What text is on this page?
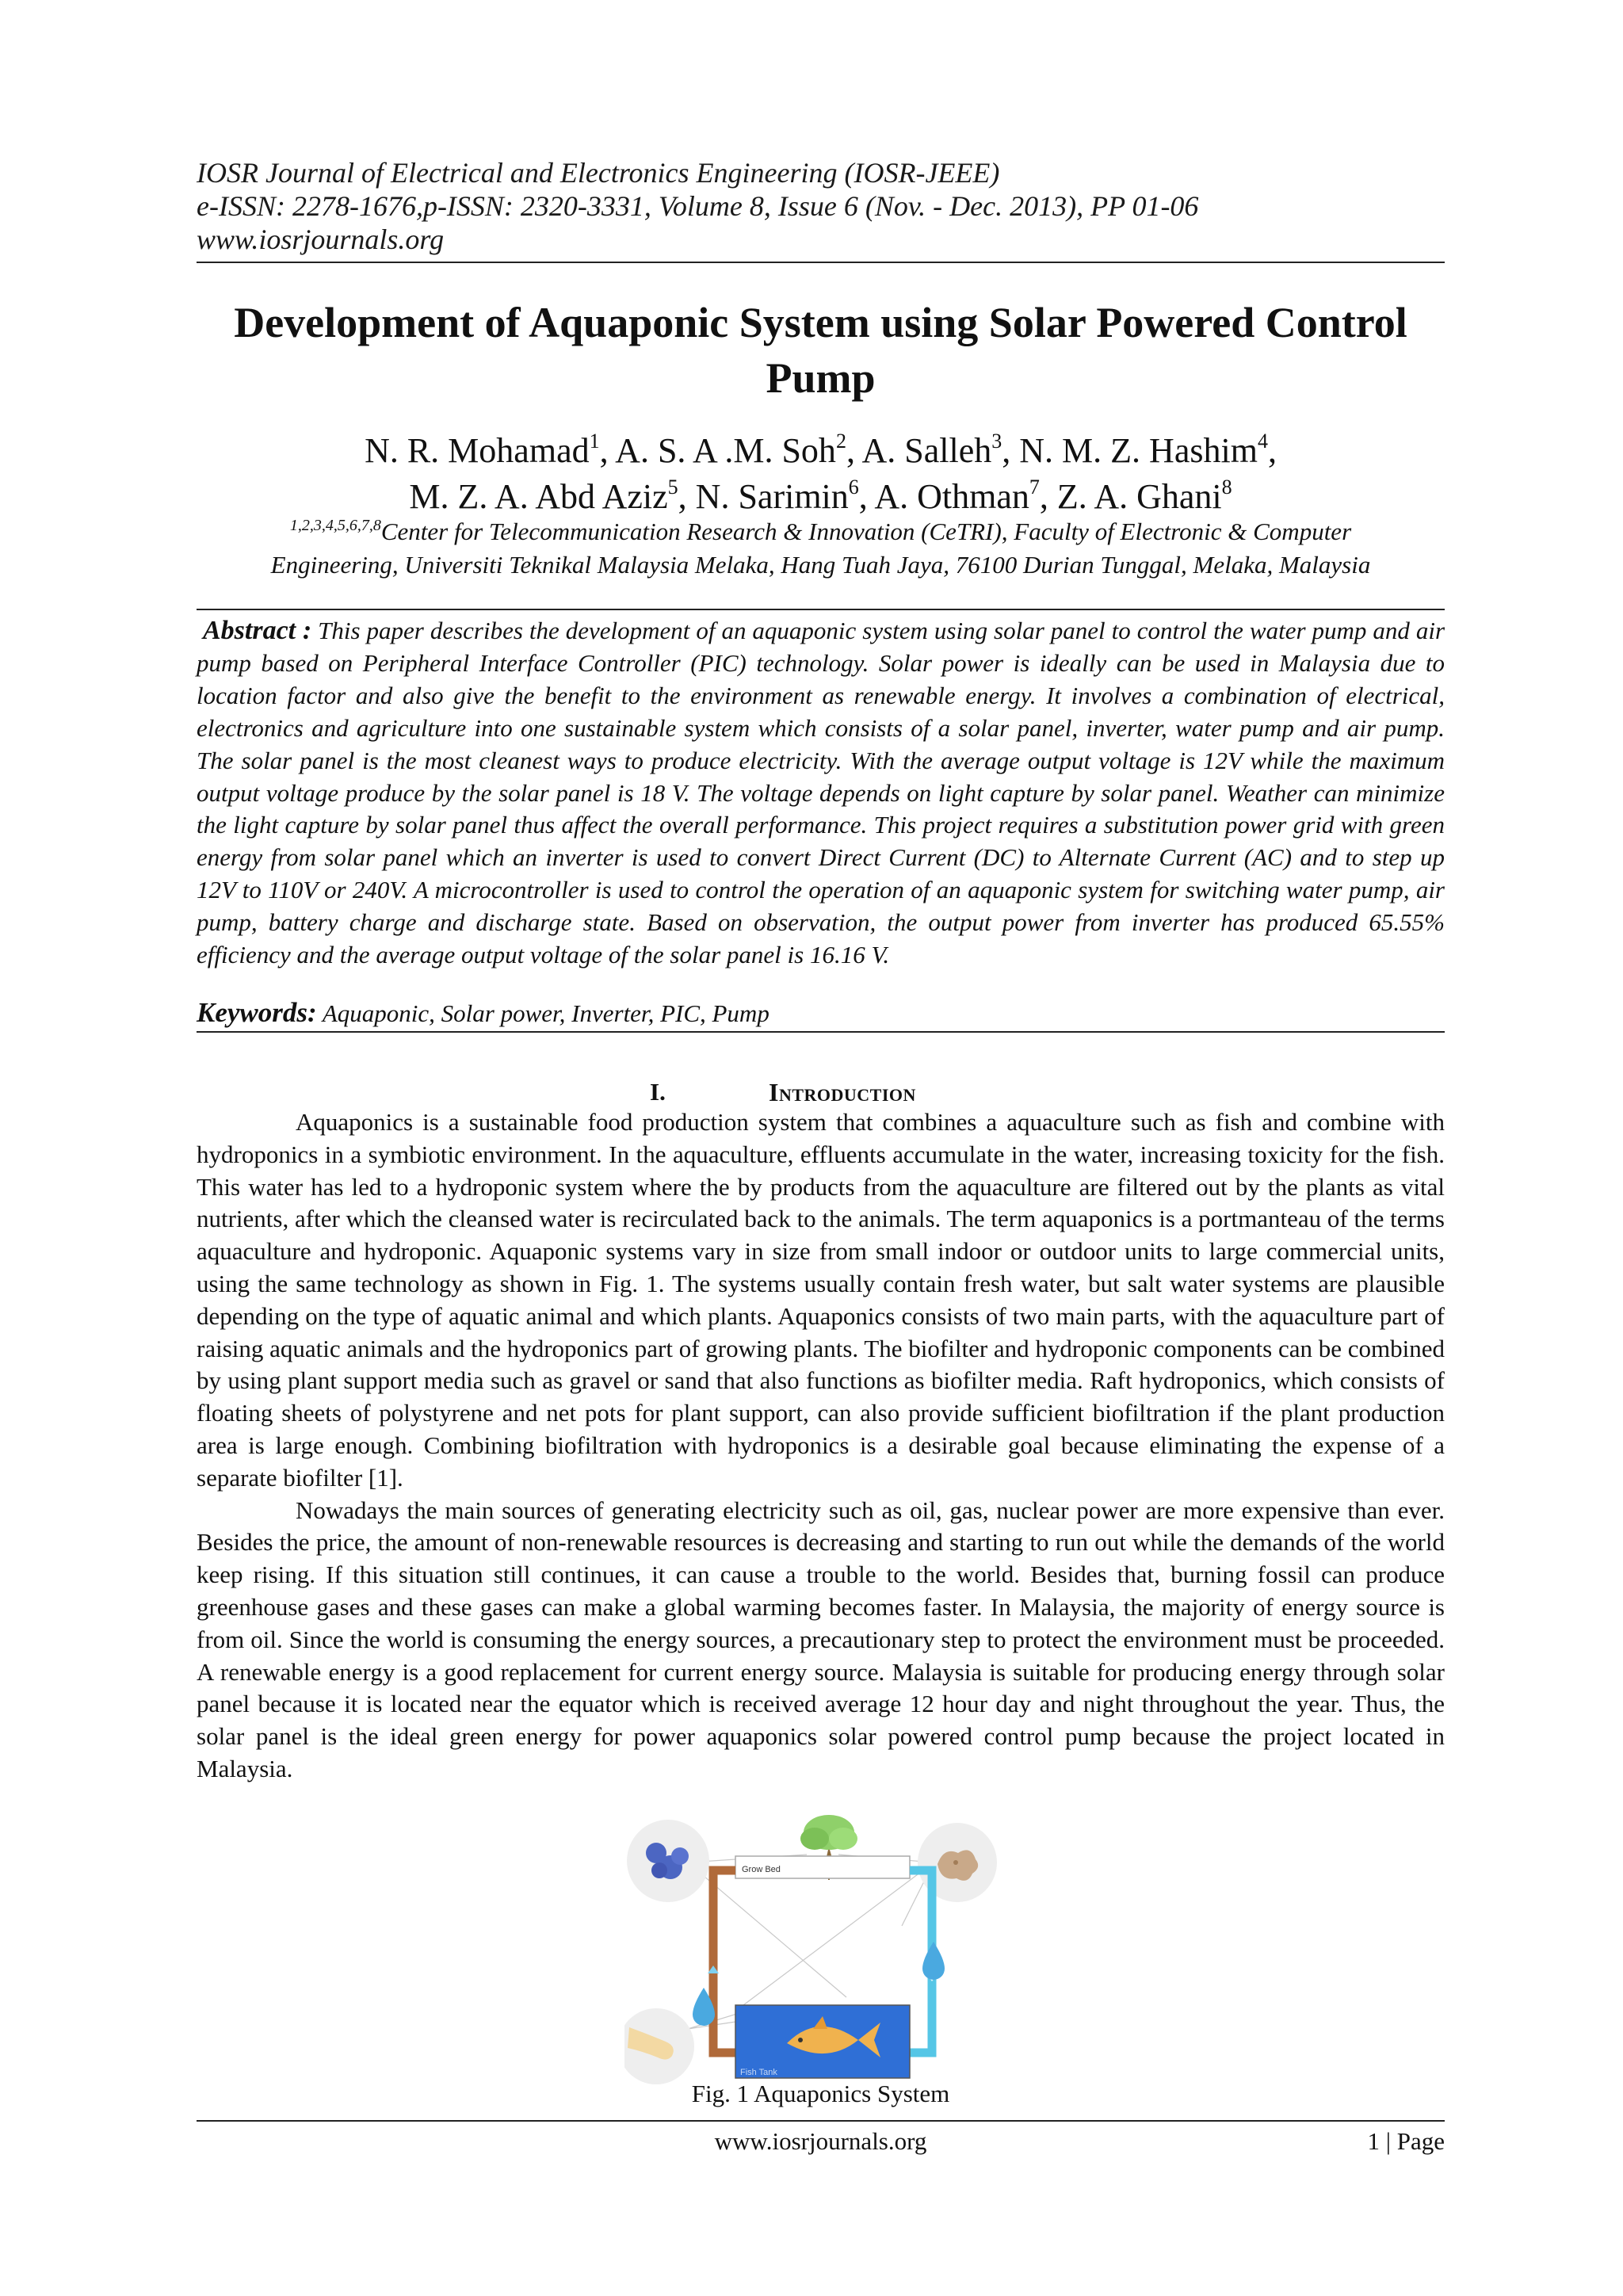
IOSR Journal of Electrical and Electronics Engineering (IOSR-JEEE)
e-ISSN: 2278-1676,p-ISSN: 2320-3331, Volume 8, Issue 6 (Nov. - Dec. 2013), PP 01-06
www.iosrjournals.org
Development of Aquaponic System using Solar Powered Control
Pump
N. R. Mohamad$^1$, A. S. A .M. Soh$^2$, A. Salleh$^3$, N. M. Z. Hashim$^4$,
M. Z. A. Abd Aziz$^5$, N. Sarimin$^6$, A. Othman$^7$, Z. A. Ghani$^8$
$^{1,2,3,4,5,6,7,8}$Center for Telecommunication Research & Innovation (CeTRI), Faculty of Electronic & Computer
Engineering, Universiti Teknikal Malaysia Melaka, Hang Tuah Jaya, 76100 Durian Tunggal, Melaka, Malaysia
Abstract : This paper describes the development of an aquaponic system using solar panel to control the water pump and air pump based on Peripheral Interface Controller (PIC) technology. Solar power is ideally can be used in Malaysia due to location factor and also give the benefit to the environment as renewable energy. It involves a combination of electrical, electronics and agriculture into one sustainable system which consists of a solar panel, inverter, water pump and air pump. The solar panel is the most cleanest ways to produce electricity. With the average output voltage is 12V while the maximum output voltage produce by the solar panel is 18 V. The voltage depends on light capture by solar panel. Weather can minimize the light capture by solar panel thus affect the overall performance. This project requires a substitution power grid with green energy from solar panel which an inverter is used to convert Direct Current (DC) to Alternate Current (AC) and to step up 12V to 110V or 240V. A microcontroller is used to control the operation of an aquaponic system for switching water pump, air pump, battery charge and discharge state. Based on observation, the output power from inverter has produced 65.55% efficiency and the average output voltage of the solar panel is 16.16 V.
Keywords: Aquaponic, Solar power, Inverter, PIC, Pump
I.	Introduction

Aquaponics is a sustainable food production system that combines a aquaculture such as fish and combine with hydroponics in a symbiotic environment. In the aquaculture, effluents accumulate in the water, increasing toxicity for the fish. This water has led to a hydroponic system where the by products from the aquaculture are filtered out by the plants as vital nutrients, after which the cleansed water is recirculated back to the animals. The term aquaponics is a portmanteau of the terms aquaculture and hydroponic. Aquaponic systems vary in size from small indoor or outdoor units to large commercial units, using the same technology as shown in Fig. 1. The systems usually contain fresh water, but salt water systems are plausible depending on the type of aquatic animal and which plants. Aquaponics consists of two main parts, with the aquaculture part of raising aquatic animals and the hydroponics part of growing plants. The biofilter and hydroponic components can be combined by using plant support media such as gravel or sand that also functions as biofilter media. Raft hydroponics, which consists of floating sheets of polystyrene and net pots for plant support, can also provide sufficient biofiltration if the plant production area is large enough. Combining biofiltration with hydroponics is a desirable goal because eliminating the expense of a separate biofilter [1].

Nowadays the main sources of generating electricity such as oil, gas, nuclear power are more expensive than ever. Besides the price, the amount of non-renewable resources is decreasing and starting to run out while the demands of the world keep rising. If this situation still continues, it can cause a trouble to the world. Besides that, burning fossil can produce greenhouse gases and these gases can make a global warming becomes faster. In Malaysia, the majority of energy source is from oil. Since the world is consuming the energy sources, a precautionary step to protect the environment must be proceeded. A renewable energy is a good replacement for current energy source. Malaysia is suitable for producing energy through solar panel because it is located near the equator which is received average 12 hour day and night throughout the year. Thus, the solar panel is the ideal green energy for power aquaponics solar powered control pump because the project located in Malaysia.

Grow Bed
Fish Tank
Fig. 1 Aquaponics System
www.iosrjournals.org	1 | Page
